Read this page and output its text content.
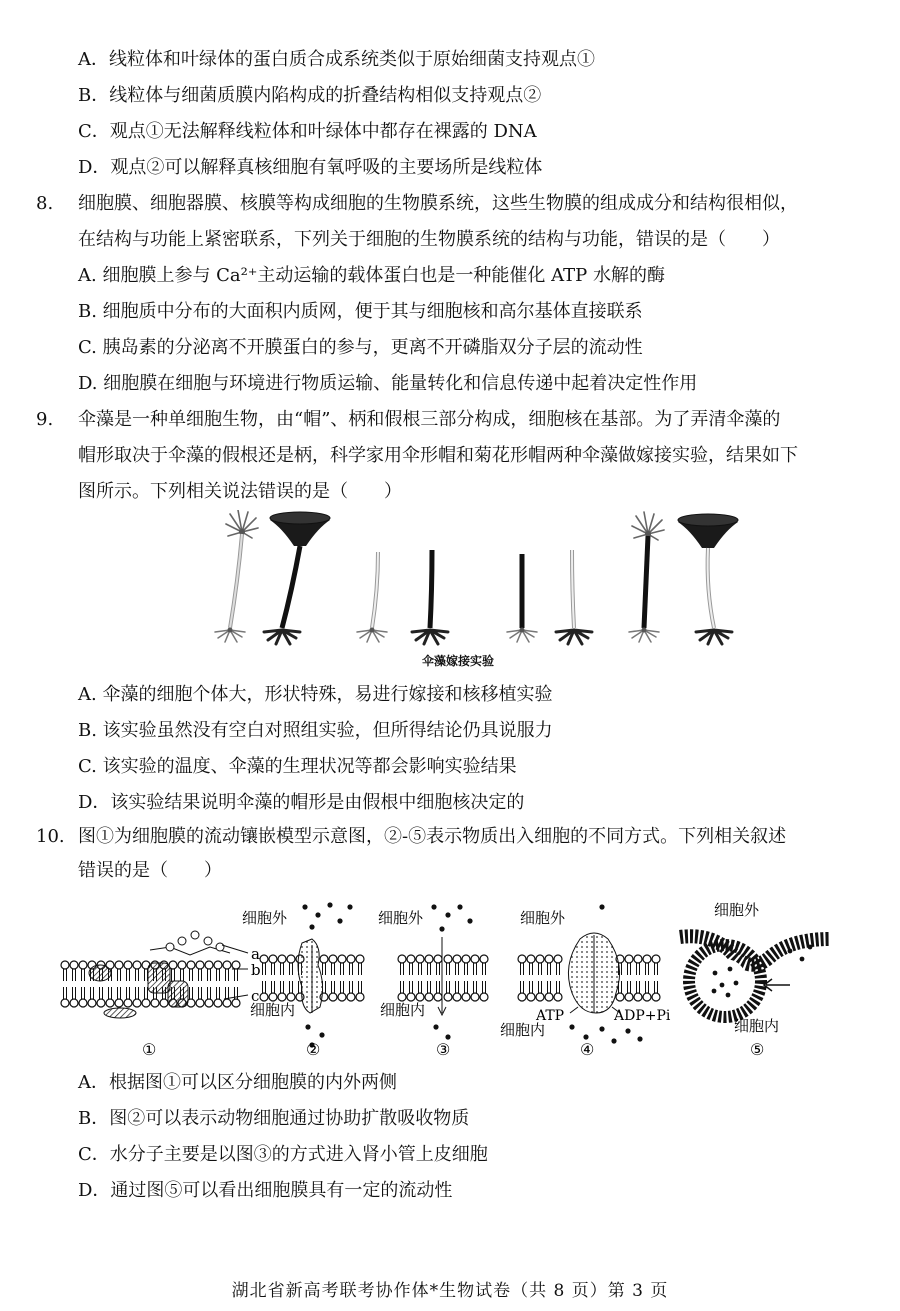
A．线粒体和叶绿体的蛋白质合成系统类似于原始细菌支持观点①
B．线粒体与细菌质膜内陷构成的折叠结构相似支持观点②
C．观点①无法解释线粒体和叶绿体中都存在裸露的 DNA
D．观点②可以解释真核细胞有氧呼吸的主要场所是线粒体
8. 细胞膜、细胞器膜、核膜等构成细胞的生物膜系统，这些生物膜的组成成分和结构很相似，
在结构与功能上紧密联系，下列关于细胞的生物膜系统的结构与功能，错误的是（　　）
A. 细胞膜上参与 Ca²⁺主动运输的载体蛋白也是一种能催化 ATP 水解的酶
B. 细胞质中分布的大面积内质网，便于其与细胞核和高尔基体直接联系
C. 胰岛素的分泌离不开膜蛋白的参与，更离不开磷脂双分子层的流动性
D. 细胞膜在细胞与环境进行物质运输、能量转化和信息传递中起着决定性作用
9. 伞藻是一种单细胞生物，由“帽”、柄和假根三部分构成，细胞核在基部。为了弄清伞藻的
帽形取决于伞藻的假根还是柄，科学家用伞形帽和菊花形帽两种伞藻做嫁接实验，结果如下
图所示。下列相关说法错误的是（　　）
伞藻嫁接实验
A. 伞藻的细胞个体大，形状特殊，易进行嫁接和核移植实验
B. 该实验虽然没有空白对照组实验，但所得结论仍具说服力
C. 该实验的温度、伞藻的生理状况等都会影响实验结果
D．该实验结果说明伞藻的帽形是由假根中细胞核决定的
10. 图①为细胞膜的流动镶嵌模型示意图，②-⑤表示物质出入细胞的不同方式。下列相关叙述
错误的是（　　）
a
b
c
①
细胞外
细胞内
②
细胞外
细胞内
③
细胞外
ATP	ADP+Pi
细胞内
④
细胞外
细胞内
⑤
A．根据图①可以区分细胞膜的内外两侧
B．图②可以表示动物细胞通过协助扩散吸收物质
C．水分子主要是以图③的方式进入肾小管上皮细胞
D．通过图⑤可以看出细胞膜具有一定的流动性
湖北省新高考联考协作体*生物试卷（共 8 页）第 3 页
